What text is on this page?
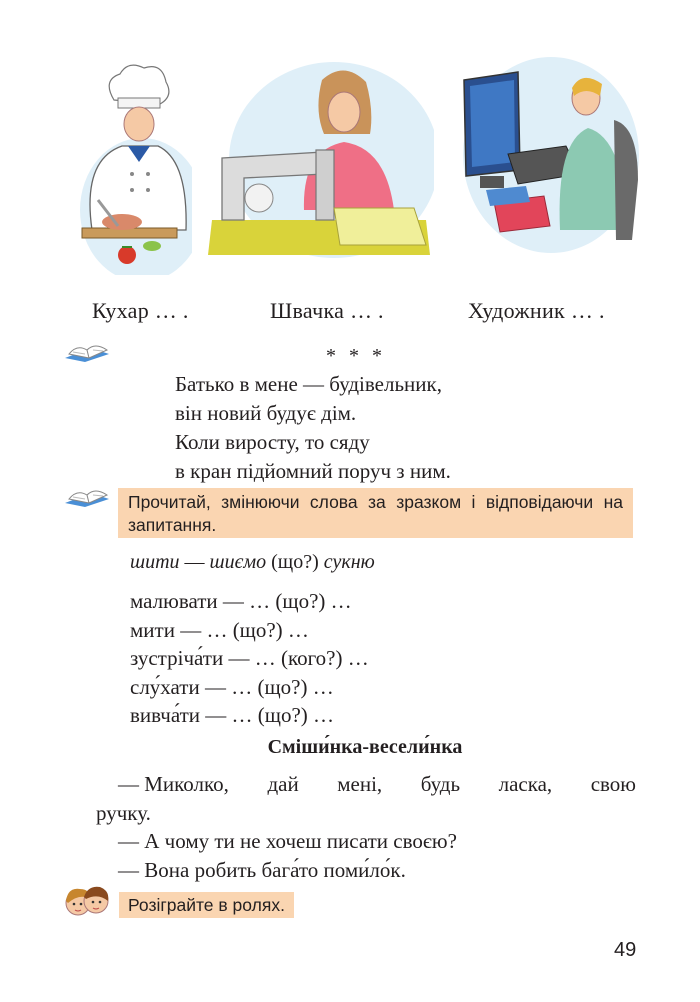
Кухар … .	Швачка … .	Художник … .
* * *
Батько в мене — будівельник,
він новий будує дім.
Коли виросту, то сяду
в кран підйомний поруч з ним.
Прочитай, змінюючи слова за зразком і відповідаючи на запитання.
шити — шиємо (що?) сукню
малювати — … (що?) …
мити — … (що?) …
зустріча́ти — … (кого?) …
слу́хати — … (що?) …
вивча́ти — … (що?) …
Сміши́нка-весели́нка
— Миколко, дай мені, будь ласка, свою
ручку.
— А чому ти не хочеш писати своєю?
— Вона робить бага́то поми́ло́к.
Розіграйте в ролях.
49
